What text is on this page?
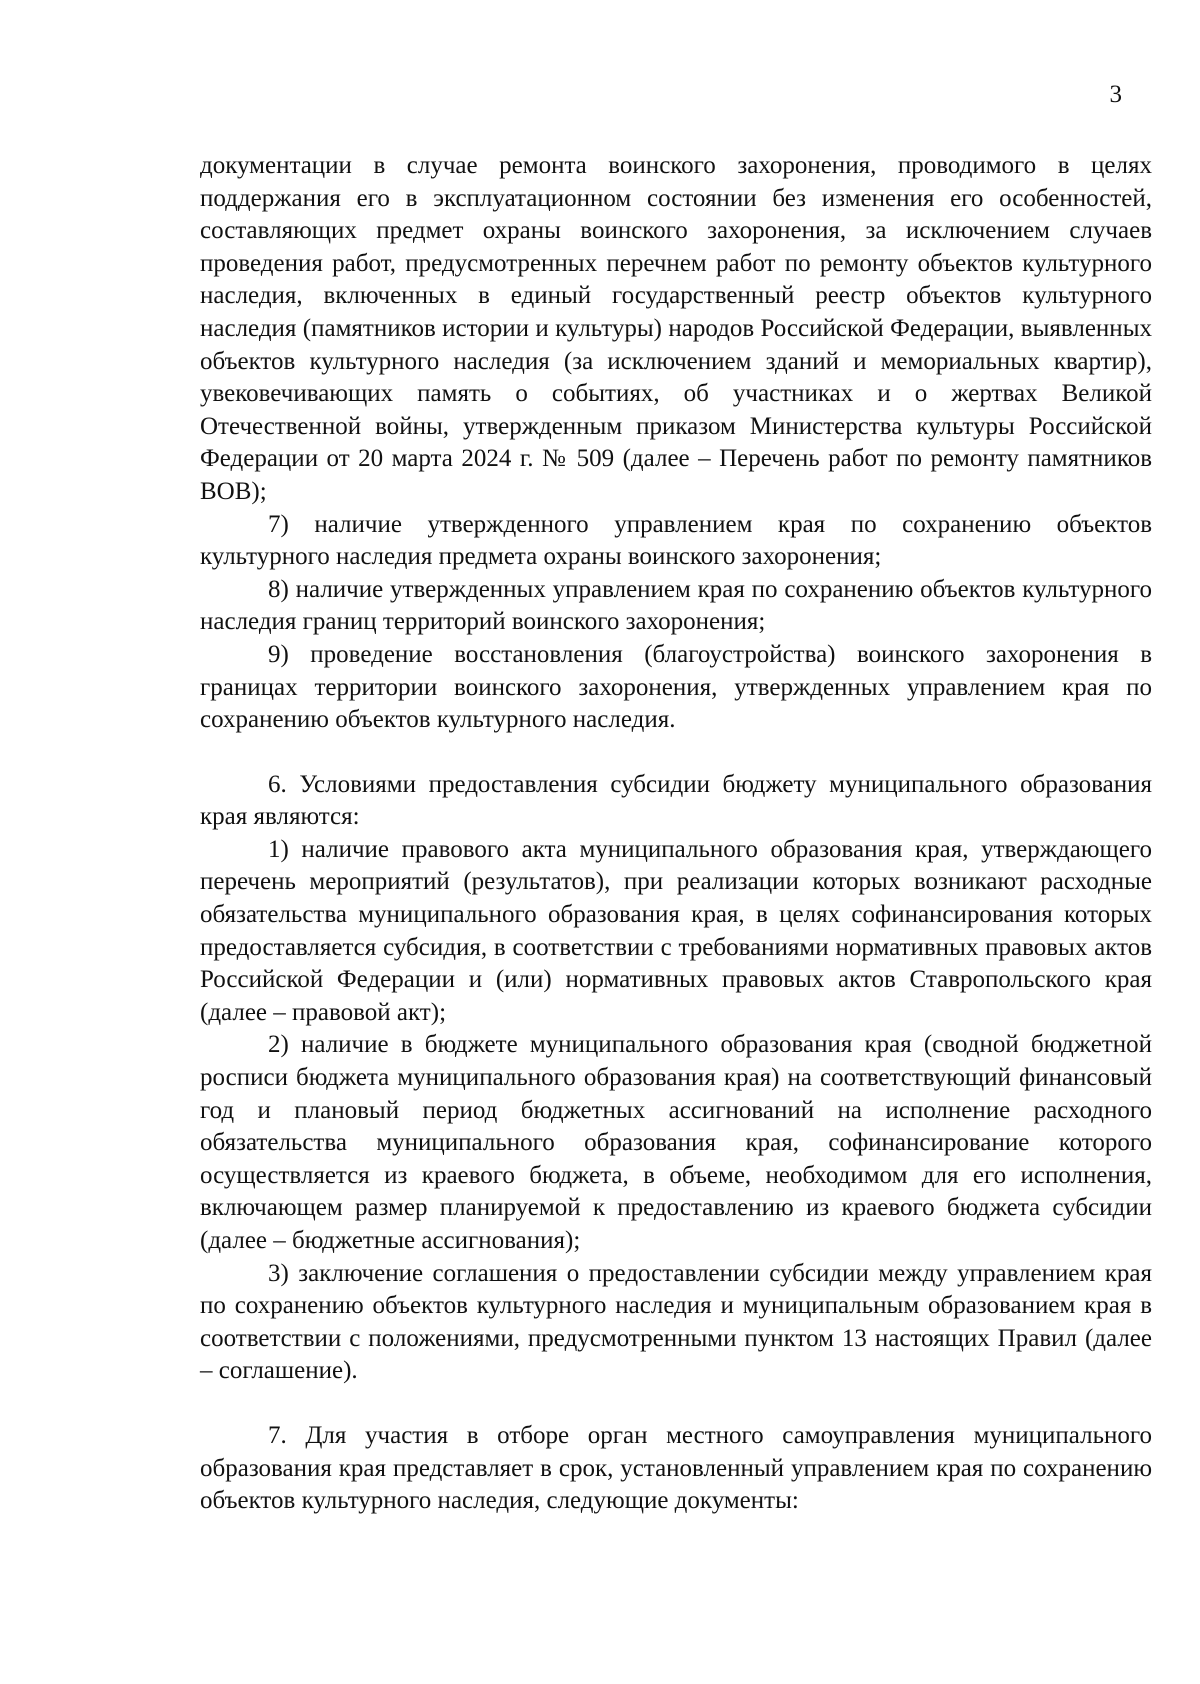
3

документации в случае ремонта воинского захоронения, проводимого в целях поддержания его в эксплуатационном состоянии без изменения его особенностей, составляющих предмет охраны воинского захоронения, за исключением случаев проведения работ, предусмотренных перечнем работ по ремонту объектов культурного наследия, включенных в единый государственный реестр объектов культурного наследия (памятников истории и культуры) народов Российской Федерации, выявленных объектов культурного наследия (за исключением зданий и мемориальных квартир), увековечивающих память о событиях, об участниках и о жертвах Великой Отечественной войны, утвержденным приказом Министерства культуры Российской Федерации от 20 марта 2024 г. № 509 (далее – Перечень работ по ремонту памятников ВОВ);

7) наличие утвержденного управлением края по сохранению объектов культурного наследия предмета охраны воинского захоронения;

8) наличие утвержденных управлением края по сохранению объектов культурного наследия границ территорий воинского захоронения;

9) проведение восстановления (благоустройства) воинского захоронения в границах территории воинского захоронения, утвержденных управлением края по сохранению объектов культурного наследия.

6. Условиями предоставления субсидии бюджету муниципального образования края являются:

1) наличие правового акта муниципального образования края, утверждающего перечень мероприятий (результатов), при реализации которых возникают расходные обязательства муниципального образования края, в целях софинансирования которых предоставляется субсидия, в соответствии с требованиями нормативных правовых актов Российской Федерации и (или) нормативных правовых актов Ставропольского края (далее – правовой акт);

2) наличие в бюджете муниципального образования края (сводной бюджетной росписи бюджета муниципального образования края) на соответствующий финансовый год и плановый период бюджетных ассигнований на исполнение расходного обязательства муниципального образования края, софинансирование которого осуществляется из краевого бюджета, в объеме, необходимом для его исполнения, включающем размер планируемой к предоставлению из краевого бюджета субсидии (далее – бюджетные ассигнования);

3) заключение соглашения о предоставлении субсидии между управлением края по сохранению объектов культурного наследия и муниципальным образованием края в соответствии с положениями, предусмотренными пунктом 13 настоящих Правил (далее – соглашение).

7. Для участия в отборе орган местного самоуправления муниципального образования края представляет в срок, установленный управлением края по сохранению объектов культурного наследия, следующие документы:
